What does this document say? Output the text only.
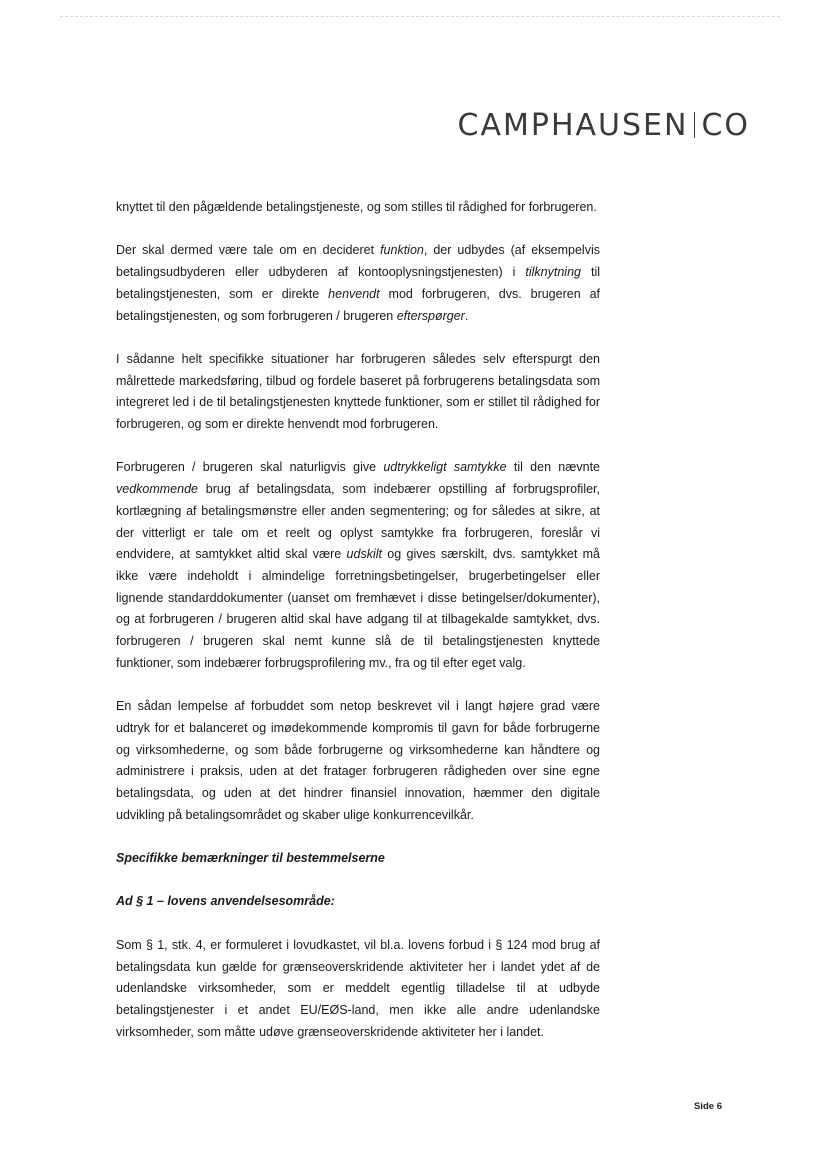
CAMPHAUSEN CO

knyttet til den pågældende betalingstjeneste, og som stilles til rådighed for forbrugeren.

Der skal dermed være tale om en decideret funktion, der udbydes (af eksempelvis betalingsudbyderen eller udbyderen af kontooplysningstjenesten) i tilknytning til betalingstjenesten, som er direkte henvendt mod forbrugeren, dvs. brugeren af betalingstjenesten, og som forbrugeren / brugeren efterspørger.

I sådanne helt specifikke situationer har forbrugeren således selv efterspurgt den målrettede markedsføring, tilbud og fordele baseret på forbrugerens betalingsdata som integreret led i de til betalingstjenesten knyttede funktioner, som er stillet til rådighed for forbrugeren, og som er direkte henvendt mod forbrugeren.

Forbrugeren / brugeren skal naturligvis give udtrykkeligt samtykke til den nævnte vedkommende brug af betalingsdata, som indebærer opstilling af forbrugsprofiler, kortlægning af betalingsmønstre eller anden segmentering; og for således at sikre, at der vitterligt er tale om et reelt og oplyst samtykke fra forbrugeren, foreslår vi endvidere, at samtykket altid skal være udskilt og gives særskilt, dvs. samtykket må ikke være indeholdt i almindelige forretningsbetingelser, brugerbetingelser eller lignende standarddokumenter (uanset om fremhævet i disse betingelser/dokumenter), og at forbrugeren / brugeren altid skal have adgang til at tilbagekalde samtykket, dvs. forbrugeren / brugeren skal nemt kunne slå de til betalingstjenesten knyttede funktioner, som indebærer forbrugsprofilering mv., fra og til efter eget valg.

En sådan lempelse af forbuddet som netop beskrevet vil i langt højere grad være udtryk for et balanceret og imødekommende kompromis til gavn for både forbrugerne og virksomhederne, og som både forbrugerne og virksomhederne kan håndtere og administrere i praksis, uden at det fratager forbrugeren rådigheden over sine egne betalingsdata, og uden at det hindrer finansiel innovation, hæmmer den digitale udvikling på betalingsområdet og skaber ulige konkurrencevilkår.

Specifikke bemærkninger til bestemmelserne
Ad § 1 – lovens anvendelsesområde:

Som § 1, stk. 4, er formuleret i lovudkastet, vil bl.a. lovens forbud i § 124 mod brug af betalingsdata kun gælde for grænseoverskridende aktiviteter her i landet ydet af de udenlandske virksomheder, som er meddelt egentlig tilladelse til at udbyde betalingstjenester i et andet EU/EØS-land, men ikke alle andre udenlandske virksomheder, som måtte udøve grænseoverskridende aktiviteter her i landet.

Side 6
